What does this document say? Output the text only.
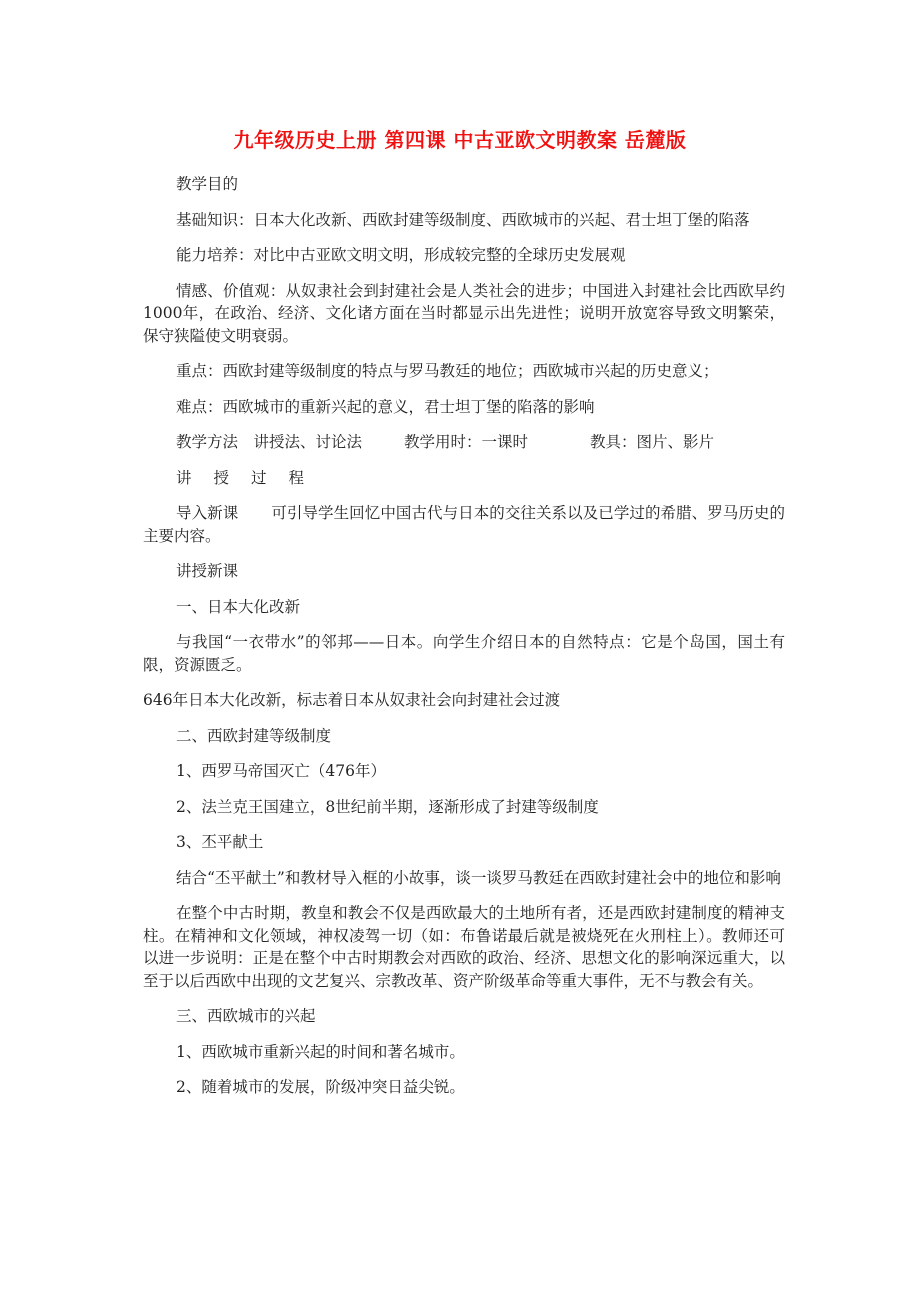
九年级历史上册 第四课 中古亚欧文明教案 岳麓版

教学目的

基础知识：日本大化改新、西欧封建等级制度、西欧城市的兴起、君士坦丁堡的陷落

能力培养：对比中古亚欧文明文明，形成较完整的全球历史发展观

情感、价值观：从奴隶社会到封建社会是人类社会的进步；中国进入封建社会比西欧早约1000年，在政治、经济、文化诸方面在当时都显示出先进性；说明开放宽容导致文明繁荣，保守狭隘使文明衰弱。

重点：西欧封建等级制度的特点与罗马教廷的地位；西欧城市兴起的历史意义；

难点：西欧城市的重新兴起的意义，君士坦丁堡的陷落的影响

教学方法　讲授法、讨论法	教学用时：一课时	教具：图片、影片

讲 授 过 程

导入新课 可引导学生回忆中国古代与日本的交往关系以及已学过的希腊、罗马历史的主要内容。

讲授新课

一、日本大化改新

与我国“一衣带水”的邻邦——日本。向学生介绍日本的自然特点：它是个岛国，国土有限，资源匮乏。

646年日本大化改新，标志着日本从奴隶社会向封建社会过渡

二、西欧封建等级制度

1、西罗马帝国灭亡（476年）

2、法兰克王国建立，8世纪前半期，逐渐形成了封建等级制度

3、丕平献土

结合“丕平献土”和教材导入框的小故事，谈一谈罗马教廷在西欧封建社会中的地位和影响

在整个中古时期，教皇和教会不仅是西欧最大的土地所有者，还是西欧封建制度的精神支柱。在精神和文化领域，神权凌驾一切（如：布鲁诺最后就是被烧死在火刑柱上）。教师还可以进一步说明：正是在整个中古时期教会对西欧的政治、经济、思想文化的影响深远重大，以至于以后西欧中出现的文艺复兴、宗教改革、资产阶级革命等重大事件，无不与教会有关。

三、西欧城市的兴起

1、西欧城市重新兴起的时间和著名城市。

2、随着城市的发展，阶级冲突日益尖锐。
